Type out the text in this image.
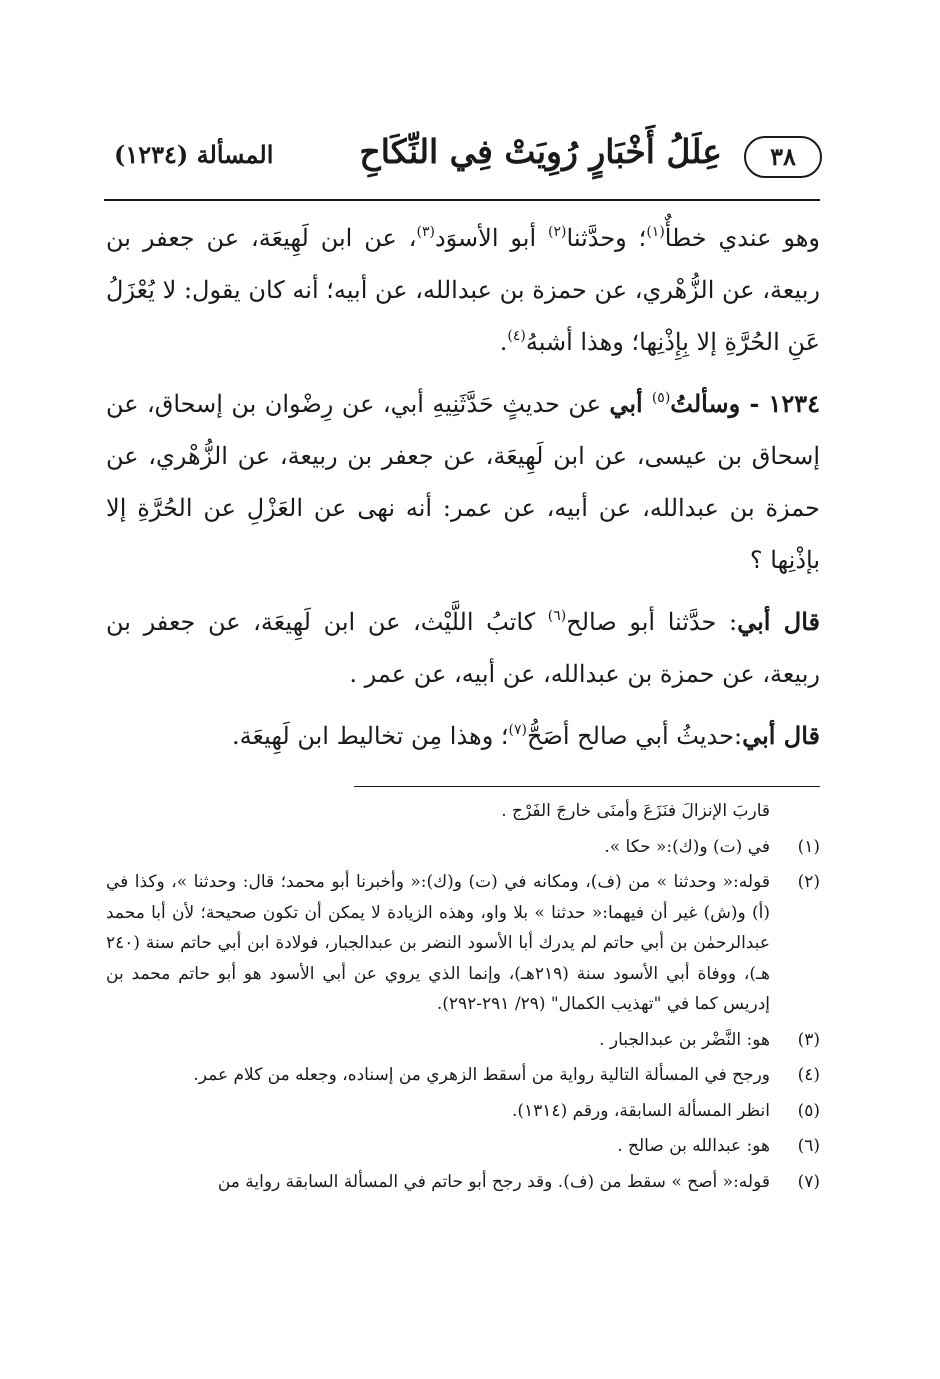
٣٨
عِلَلُ أَخْبَارٍ رُوِيَتْ فِي النِّكَاحِ
المسألة (١٢٣٤)

وهو عندي خطأٌ$^{(١)}$؛ وحدَّثنا$^{(٢)}$ أبو الأسوَد$^{(٣)}$، عن ابن لَهِيعَة، عن جعفر بن ربيعة، عن الزُّهْري، عن حمزة بن عبدالله، عن أبيه؛ أنه كان يقول: لا يُعْزَلُ عَنِ الحُرَّةِ إلا بِإِذْنِها؛ وهذا أشبهُ$^{(٤)}$.

١٢٣٤ - وسألتُ$^{(٥)}$ أبي عن حديثٍ حَدَّثَنِيهِ أبي، عن رِضْوان بن إسحاق، عن إسحاق بن عيسى، عن ابن لَهِيعَة، عن جعفر بن ربيعة، عن الزُّهْري، عن حمزة بن عبدالله، عن أبيه، عن عمر: أنه نهى عن العَزْلِ عن الحُرَّةِ إلا بإذْنِها ؟

قال أبي: حدَّثنا أبو صالح$^{(٦)}$ كاتبُ اللَّيْث، عن ابن لَهِيعَة، عن جعفر بن ربيعة، عن حمزة بن عبدالله، عن أبيه، عن عمر .

قال أبي:حديثُ أبي صالح أصَحُّ$^{(٧)}$؛ وهذا مِن تخاليط ابن لَهِيعَة.

قاربَ الإنزالَ فنَزَعَ وأمنَى خارجَ الفَرْج .
(١)
في (ت) و(ك):« حكا ».
(٢)
قوله:« وحدثنا » من (ف)، ومكانه في (ت) و(ك):« وأخبرنا أبو محمد؛ قال: وحدثنا »، وكذا في (أ) و(ش) غير أن فيهما:« حدثنا » بلا واو، وهذه الزيادة لا يمكن أن تكون صحيحة؛ لأن أبا محمد عبدالرحمٰن بن أبي حاتم لم يدرك أبا الأسود النضر بن عبدالجبار، فولادة ابن أبي حاتم سنة (٢٤٠ هـ)، ووفاة أبي الأسود سنة (٢١٩هـ)، وإنما الذي يروي عن أبي الأسود هو أبو حاتم محمد بن إدريس كما في "تهذيب الكمال" (٢٩/ ٢٩١-٢٩٢).
(٣)
هو: النَّضْر بن عبدالجبار .
(٤)
ورجح في المسألة التالية رواية من أسقط الزهري من إسناده، وجعله من كلام عمر.
(٥)
انظر المسألة السابقة، ورقم (١٣١٤).
(٦)
هو: عبدالله بن صالح .
(٧)
قوله:« أصح » سقط من (ف). وقد رجح أبو حاتم في المسألة السابقة رواية من
